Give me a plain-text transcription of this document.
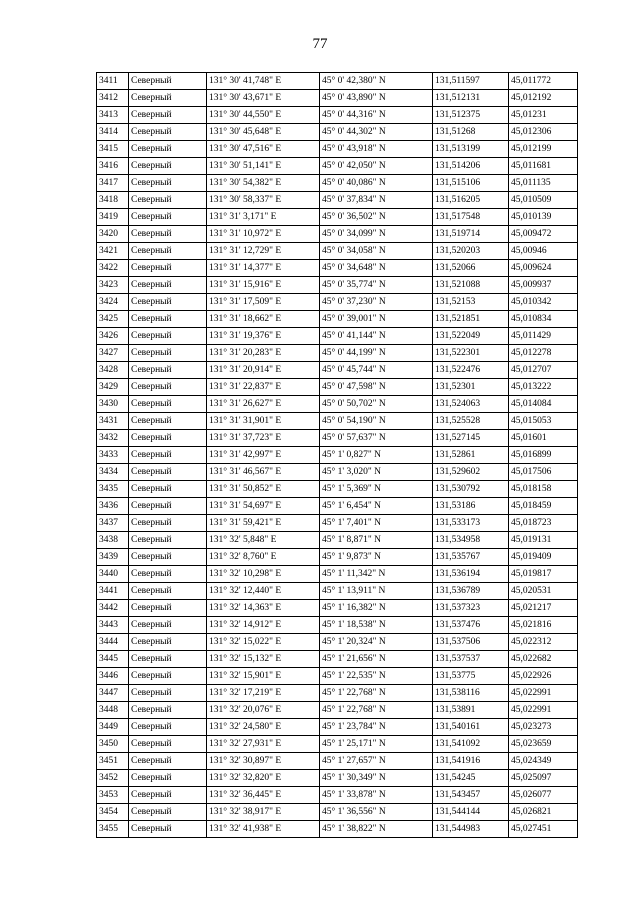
77
3411	Северный	131° 30' 41,748" E	45° 0' 42,380" N	131,511597	45,011772
3412	Северный	131° 30' 43,671" E	45° 0' 43,890" N	131,512131	45,012192
3413	Северный	131° 30' 44,550" E	45° 0' 44,316" N	131,512375	45,01231
3414	Северный	131° 30' 45,648" E	45° 0' 44,302" N	131,51268	45,012306
3415	Северный	131° 30' 47,516" E	45° 0' 43,918" N	131,513199	45,012199
3416	Северный	131° 30' 51,141" E	45° 0' 42,050" N	131,514206	45,011681
3417	Северный	131° 30' 54,382" E	45° 0' 40,086" N	131,515106	45,011135
3418	Северный	131° 30' 58,337" E	45° 0' 37,834" N	131,516205	45,010509
3419	Северный	131° 31' 3,171" E	45° 0' 36,502" N	131,517548	45,010139
3420	Северный	131° 31' 10,972" E	45° 0' 34,099" N	131,519714	45,009472
3421	Северный	131° 31' 12,729" E	45° 0' 34,058" N	131,520203	45,00946
3422	Северный	131° 31' 14,377" E	45° 0' 34,648" N	131,52066	45,009624
3423	Северный	131° 31' 15,916" E	45° 0' 35,774" N	131,521088	45,009937
3424	Северный	131° 31' 17,509" E	45° 0' 37,230" N	131,52153	45,010342
3425	Северный	131° 31' 18,662" E	45° 0' 39,001" N	131,521851	45,010834
3426	Северный	131° 31' 19,376" E	45° 0' 41,144" N	131,522049	45,011429
3427	Северный	131° 31' 20,283" E	45° 0' 44,199" N	131,522301	45,012278
3428	Северный	131° 31' 20,914" E	45° 0' 45,744" N	131,522476	45,012707
3429	Северный	131° 31' 22,837" E	45° 0' 47,598" N	131,52301	45,013222
3430	Северный	131° 31' 26,627" E	45° 0' 50,702" N	131,524063	45,014084
3431	Северный	131° 31' 31,901" E	45° 0' 54,190" N	131,525528	45,015053
3432	Северный	131° 31' 37,723" E	45° 0' 57,637" N	131,527145	45,01601
3433	Северный	131° 31' 42,997" E	45° 1' 0,827" N	131,52861	45,016899
3434	Северный	131° 31' 46,567" E	45° 1' 3,020" N	131,529602	45,017506
3435	Северный	131° 31' 50,852" E	45° 1' 5,369" N	131,530792	45,018158
3436	Северный	131° 31' 54,697" E	45° 1' 6,454" N	131,53186	45,018459
3437	Северный	131° 31' 59,421" E	45° 1' 7,401" N	131,533173	45,018723
3438	Северный	131° 32' 5,848" E	45° 1' 8,871" N	131,534958	45,019131
3439	Северный	131° 32' 8,760" E	45° 1' 9,873" N	131,535767	45,019409
3440	Северный	131° 32' 10,298" E	45° 1' 11,342" N	131,536194	45,019817
3441	Северный	131° 32' 12,440" E	45° 1' 13,911" N	131,536789	45,020531
3442	Северный	131° 32' 14,363" E	45° 1' 16,382" N	131,537323	45,021217
3443	Северный	131° 32' 14,912" E	45° 1' 18,538" N	131,537476	45,021816
3444	Северный	131° 32' 15,022" E	45° 1' 20,324" N	131,537506	45,022312
3445	Северный	131° 32' 15,132" E	45° 1' 21,656" N	131,537537	45,022682
3446	Северный	131° 32' 15,901" E	45° 1' 22,535" N	131,53775	45,022926
3447	Северный	131° 32' 17,219" E	45° 1' 22,768" N	131,538116	45,022991
3448	Северный	131° 32' 20,076" E	45° 1' 22,768" N	131,53891	45,022991
3449	Северный	131° 32' 24,580" E	45° 1' 23,784" N	131,540161	45,023273
3450	Северный	131° 32' 27,931" E	45° 1' 25,171" N	131,541092	45,023659
3451	Северный	131° 32' 30,897" E	45° 1' 27,657" N	131,541916	45,024349
3452	Северный	131° 32' 32,820" E	45° 1' 30,349" N	131,54245	45,025097
3453	Северный	131° 32' 36,445" E	45° 1' 33,878" N	131,543457	45,026077
3454	Северный	131° 32' 38,917" E	45° 1' 36,556" N	131,544144	45,026821
3455	Северный	131° 32' 41,938" E	45° 1' 38,822" N	131,544983	45,027451
